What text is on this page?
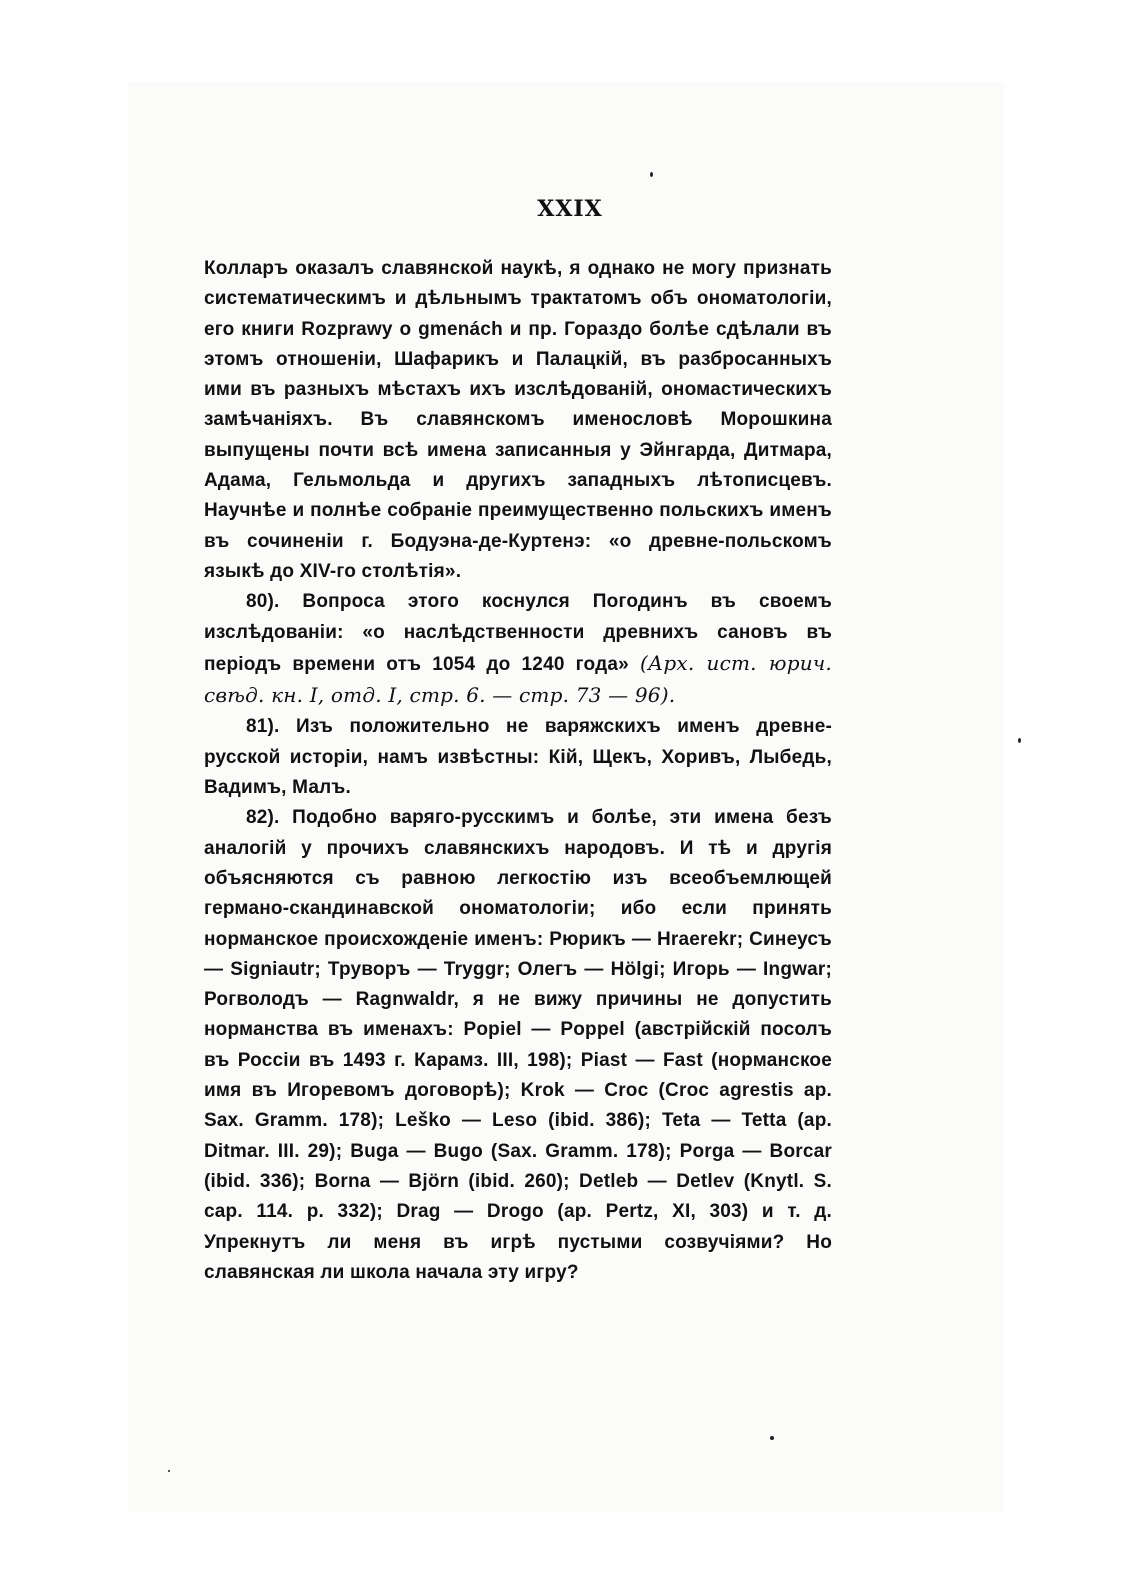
XXIX

Колларъ оказалъ славянской наукѣ, я однако не могу признать систематическимъ и дѣльнымъ трактатомъ объ ономатологіи, его книги Rozprawy o gmenách и пр. Гораздо болѣе сдѣлали въ этомъ отношеніи, Шафарикъ и Палацкій, въ разбросанныхъ ими въ разныхъ мѣстахъ ихъ изслѣдованій, ономастическихъ замѣчаніяхъ. Въ славянскомъ именословѣ Морошкина выпущены почти всѣ имена записанныя у Эйнгарда, Дитмара, Адама, Гельмольда и другихъ западныхъ лѣтописцевъ. Научнѣе и полнѣе собраніе преимущественно польскихъ именъ въ сочиненіи г. Бодуэна-де-Куртенэ: «о древне-польскомъ языкѣ до XIV-го столѣтія».

80). Вопроса этого коснулся Погодинъ въ своемъ изслѣдованіи: «о наслѣдственности древнихъ сановъ въ періодъ времени отъ 1054 до 1240 года» (Арх. ист. юрич. свѣд. кн. I, отд. I, стр. 6. — стр. 73 — 96).

81). Изъ положительно не варяжскихъ именъ древне-русской исторіи, намъ извѣстны: Кій, Щекъ, Хоривъ, Лыбедь, Вадимъ, Малъ.

82). Подобно варяго-русскимъ и болѣе, эти имена безъ аналогій у прочихъ славянскихъ народовъ. И тѣ и другія объясняются съ равною легкостію изъ всеобъемлющей германо-скандинавской ономатологіи; ибо если принять норманское происхожденіе именъ: Рюрикъ — Hraerekr; Синеусъ — Signiautr; Труворъ — Tryggr; Олегъ — Hölgi; Игорь — Ingwar; Рогволодъ — Ragnwaldr, я не вижу причины не допустить норманства въ именахъ: Popiel — Poppel (австрійскій посолъ въ Россіи въ 1493 г. Карамз. III, 198); Piast — Fast (норманское имя въ Игоревомъ договорѣ); Krok — Croc (Croc agrestis ap. Sax. Gramm. 178); Leško — Leso (ibid. 386); Teta — Tetta (ap. Ditmar. III. 29); Buga — Bugo (Sax. Gramm. 178); Porga — Borcar (ibid. 336); Borna — Björn (ibid. 260); Detleb — Detlev (Knytl. S. cap. 114. p. 332); Drag — Drogo (ap. Pertz, XI, 303) и т. д. Упрекнутъ ли меня въ игрѣ пустыми созвучіями? Но славянская ли школа начала эту игру?
